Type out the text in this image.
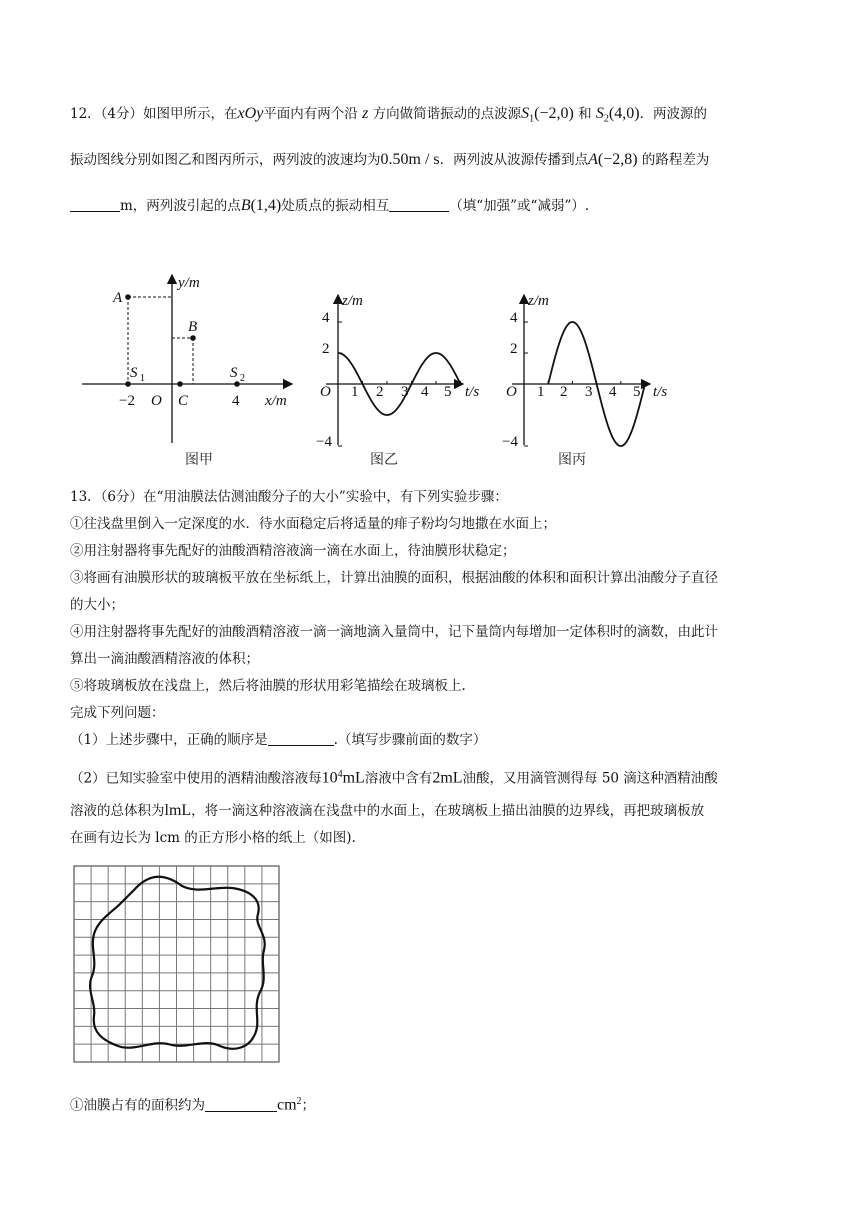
12．（4分）如图甲所示，在xOy平面内有两个沿 z 方向做简谐振动的点波源$S_1(-2,0)$ 和 $S_2(4,0)$．两波源的
振动图线分别如图乙和图丙所示，两列波的波速均为0.50m / s．两列波从波源传播到点A(−2,8) 的路程差为
m，两列波引起的点B(1,4)处质点的振动相互	（填“加强”或“减弱”）.
A
B
S 1	S 2
−2 O C	4
y/m
x/m
图甲
z/m
4
2
−4
O 1 2 3 4 5 t/s
图乙
z/m
4
2
−4
O 1 2 3 4 5 t/s
图丙
13．（6分）在“用油膜法估测油酸分子的大小”实验中，有下列实验步骤：
①往浅盘里倒入一定深度的水．待水面稳定后将适量的痱子粉均匀地撒在水面上；
②用注射器将事先配好的油酸酒精溶液滴一滴在水面上，待油膜形状稳定；
③将画有油膜形状的玻璃板平放在坐标纸上，计算出油膜的面积，根据油酸的体积和面积计算出油酸分子直径
的大小；
④用注射器将事先配好的油酸酒精溶液一滴一滴地滴入量筒中，记下量筒内每增加一定体积时的滴数，由此计
算出一滴油酸酒精溶液的体积；
⑤将玻璃板放在浅盘上，然后将油膜的形状用彩笔描绘在玻璃板上.
完成下列问题：
（1）上述步骤中，正确的顺序是	.（填写步骤前面的数字）
（2）已知实验室中使用的酒精油酸溶液每$10^4mL$溶液中含有2mL油酸，又用滴管测得每 50 滴这种酒精油酸
溶液的总体积为lmL，将一滴这种溶液滴在浅盘中的水面上，在玻璃板上描出油膜的边界线，再把玻璃板放
在画有边长为 lcm 的正方形小格的纸上（如图).
①油膜占有的面积约为	$cm^2$；
